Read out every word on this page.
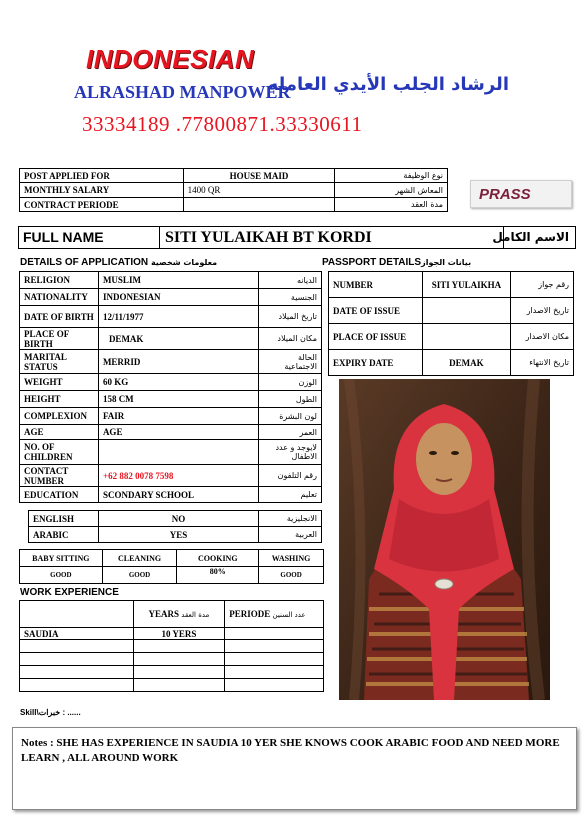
INDONESIAN
ALRASHAD MANPOWER
الرشاد الجلب الأيدي العامله
33334189 .77800871.33330611
POST APPLIED FOR	HOUSE MAID	نوع الوظيفة
MONTHLY SALARY	1400 QR	المعاش الشهر
CONTRACT PERIODE		مدة العقد
PRASS
FULL NAME	SITI YULAIKAH BT KORDI	الاسم الكامل
DETAILS OF APPLICATION معلومات شخصية	PASSPORT DETAILSبيانات الجواز
RELIGION	MUSLIM	الديانه
NATIONALITY	INDONESIAN	الجنسية
DATE OF BIRTH	12/11/1977	تاريخ الميلاد
PLACE OF BIRTH	DEMAK	مكان الميلاد
MARITAL STATUS	MERRID	الحالة الاجتماعية
WEIGHT	60 KG	الوزن
HEIGHT	158 CM	الطول
COMPLEXION	FAIR	لون البشرة
AGE	AGE	العمر
NO. OF CHILDREN		لايوجد و عدد الاطفال
CONTACT NUMBER	+62 882 0078 7598	رقم التلفون
EDUCATION	SCONDARY SCHOOL	تعليم
ENGLISH	NO	الانجليزية
ARABIC	YES	العربية
BABY SITTING	CLEANING	COOKING	WASHING
GOOD	GOOD	80%	GOOD
WORK EXPERIENCE
	YEARS مدة العقد	PERIODE عدد السنين
SAUDIA	10 YERS	

Skill\خبرات : ......
NUMBER	SITI YULAIKHA	رقم جواز
DATE OF ISSUE		تاريخ الاصدار
PLACE OF ISSUE		مكان الاصدار
EXPIRY DATE	DEMAK	تاريخ الانتهاء
Notes : SHE HAS EXPERIENCE IN SAUDIA 10 YER SHE KNOWS COOK ARABIC FOOD AND NEED MORE LEARN , ALL AROUND WORK
